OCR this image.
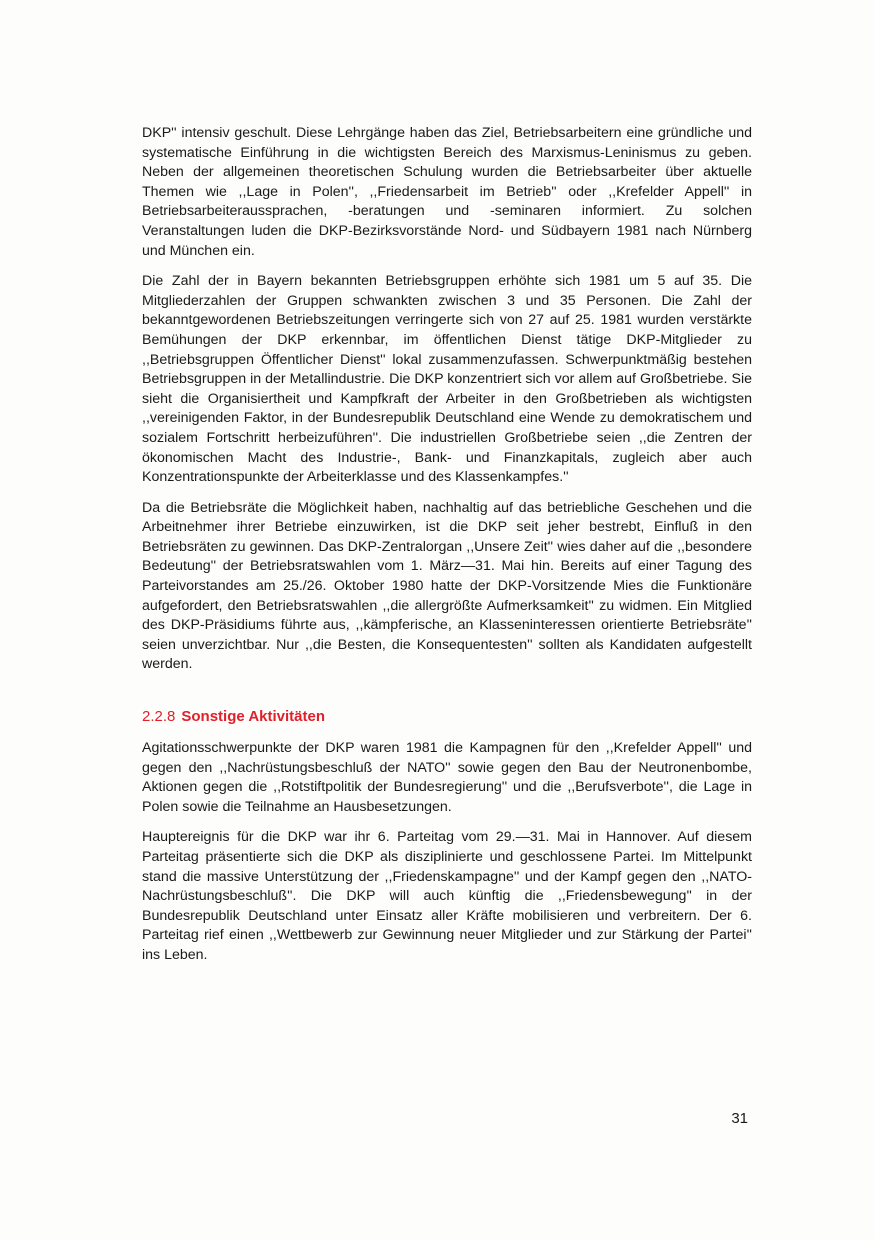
DKP'' intensiv geschult. Diese Lehrgänge haben das Ziel, Betriebsarbeitern eine gründliche und systematische Einführung in die wichtigsten Bereich des Marxismus-Leninismus zu geben. Neben der allgemeinen theoretischen Schulung wurden die Betriebsarbeiter über aktuelle Themen wie ,,Lage in Polen'', ,,Friedensarbeit im Betrieb'' oder ,,Krefelder Appell'' in Betriebsarbeiteraussprachen, -beratungen und -seminaren informiert. Zu solchen Veranstaltungen luden die DKP-Bezirksvorstände Nord- und Südbayern 1981 nach Nürnberg und München ein.

Die Zahl der in Bayern bekannten Betriebsgruppen erhöhte sich 1981 um 5 auf 35. Die Mitgliederzahlen der Gruppen schwankten zwischen 3 und 35 Personen. Die Zahl der bekanntgewordenen Betriebszeitungen verringerte sich von 27 auf 25. 1981 wurden verstärkte Bemühungen der DKP erkennbar, im öffentlichen Dienst tätige DKP-Mitglieder zu ,,Betriebsgruppen Öffentlicher Dienst'' lokal zusammenzufassen. Schwerpunktmäßig bestehen Betriebsgruppen in der Metallindustrie. Die DKP konzentriert sich vor allem auf Großbetriebe. Sie sieht die Organisiertheit und Kampfkraft der Arbeiter in den Großbetrieben als wichtigsten ,,vereinigenden Faktor, in der Bundesrepublik Deutschland eine Wende zu demokratischem und sozialem Fortschritt herbeizuführen''. Die industriellen Großbetriebe seien ,,die Zentren der ökonomischen Macht des Industrie-, Bank- und Finanzkapitals, zugleich aber auch Konzentrationspunkte der Arbeiterklasse und des Klassenkampfes.''

Da die Betriebsräte die Möglichkeit haben, nachhaltig auf das betriebliche Geschehen und die Arbeitnehmer ihrer Betriebe einzuwirken, ist die DKP seit jeher bestrebt, Einfluß in den Betriebsräten zu gewinnen. Das DKP-Zentralorgan ,,Unsere Zeit'' wies daher auf die ,,besondere Bedeutung'' der Betriebsratswahlen vom 1. März—31. Mai hin. Bereits auf einer Tagung des Parteivorstandes am 25./26. Oktober 1980 hatte der DKP-Vorsitzende Mies die Funktionäre aufgefordert, den Betriebsratswahlen ,,die allergrößte Aufmerksamkeit'' zu widmen. Ein Mitglied des DKP-Präsidiums führte aus, ,,kämpferische, an Klasseninteressen orientierte Betriebsräte'' seien unverzichtbar. Nur ,,die Besten, die Konsequentesten'' sollten als Kandidaten aufgestellt werden.

2.2.8 Sonstige Aktivitäten

Agitationsschwerpunkte der DKP waren 1981 die Kampagnen für den ,,Krefelder Appell'' und gegen den ,,Nachrüstungsbeschluß der NATO'' sowie gegen den Bau der Neutronenbombe, Aktionen gegen die ,,Rotstiftpolitik der Bundesregierung'' und die ,,Berufsverbote'', die Lage in Polen sowie die Teilnahme an Hausbesetzungen.

Hauptereignis für die DKP war ihr 6. Parteitag vom 29.—31. Mai in Hannover. Auf diesem Parteitag präsentierte sich die DKP als disziplinierte und geschlossene Partei. Im Mittelpunkt stand die massive Unterstützung der ,,Friedenskampagne'' und der Kampf gegen den ,,NATO-Nachrüstungsbeschluß''. Die DKP will auch künftig die ,,Friedensbewegung'' in der Bundesrepublik Deutschland unter Einsatz aller Kräfte mobilisieren und verbreitern. Der 6. Parteitag rief einen ,,Wettbewerb zur Gewinnung neuer Mitglieder und zur Stärkung der Partei'' ins Leben.

31
